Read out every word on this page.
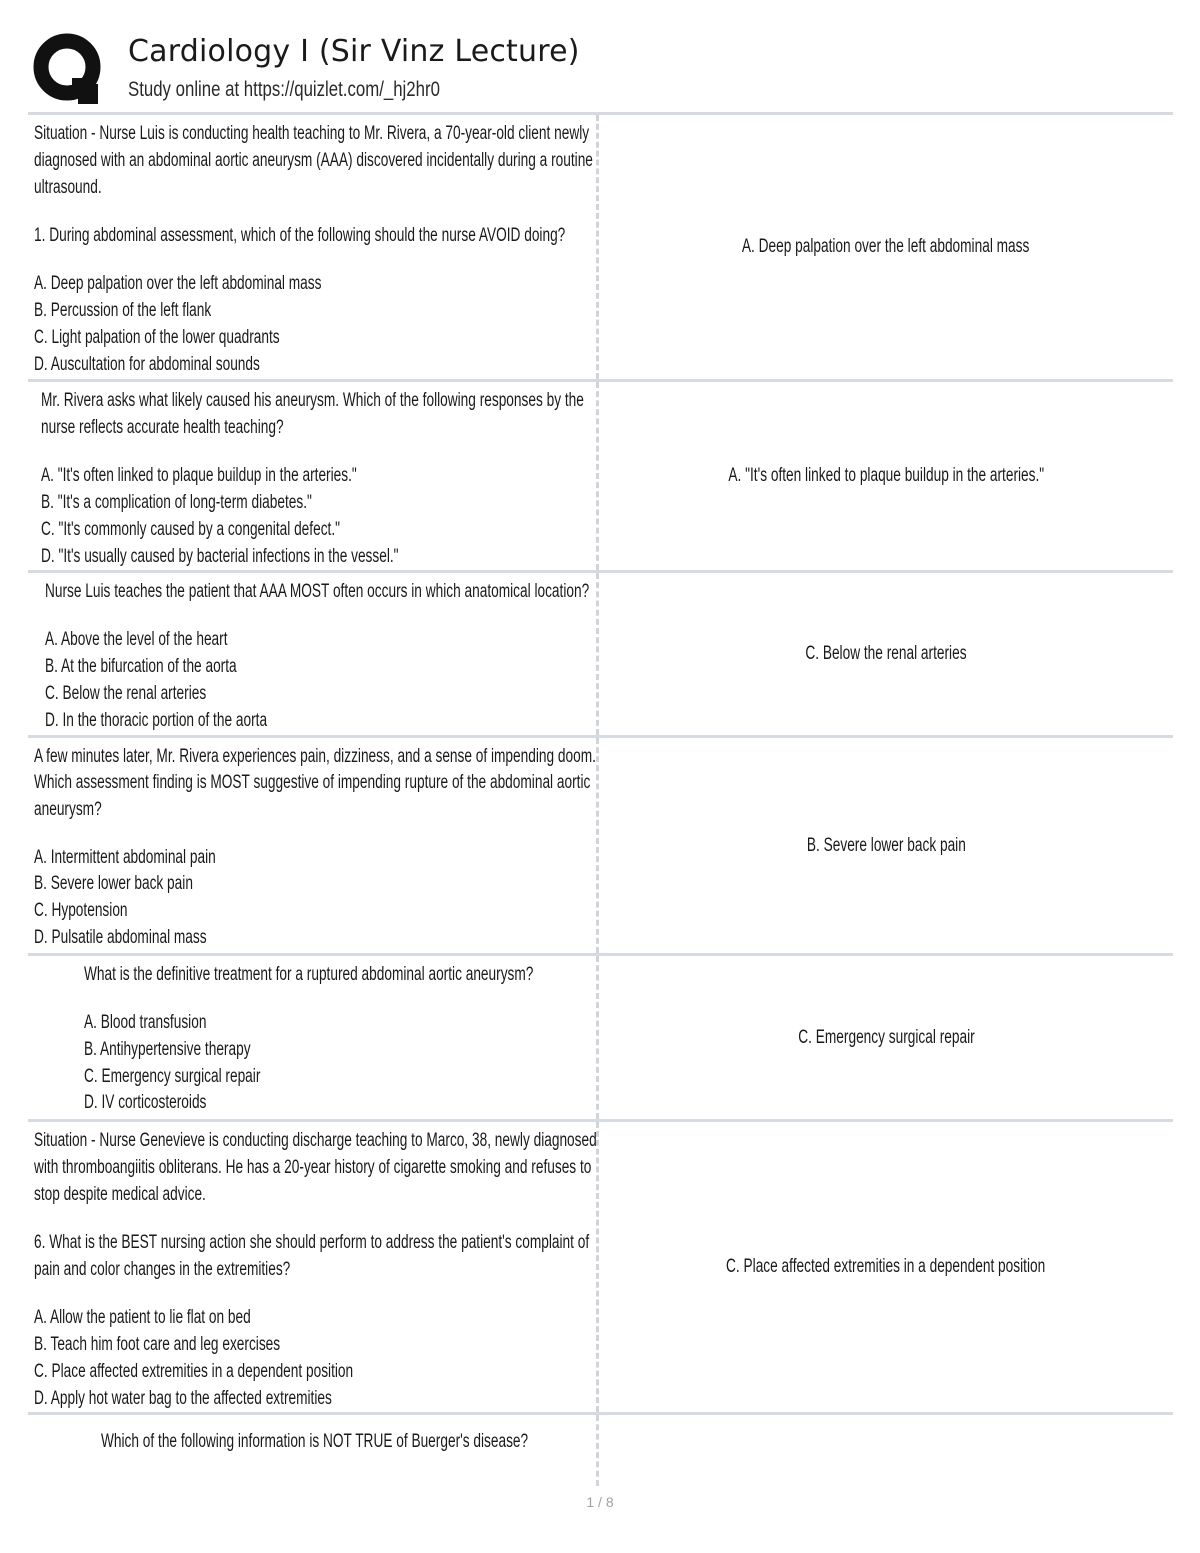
Cardiology I (Sir Vinz Lecture)
Study online at https://quizlet.com/_hj2hr0
Situation - Nurse Luis is conducting health teaching to Mr. Rivera, a 70-year-old client newly
diagnosed with an abdominal aortic aneurysm (AAA) discovered incidentally during a routine
ultrasound.
1. During abdominal assessment, which of the following should the nurse AVOID doing?
A. Deep palpation over the left abdominal mass
B. Percussion of the left flank
C. Light palpation of the lower quadrants
D. Auscultation for abdominal sounds
A. Deep palpation over the left abdominal mass
Mr. Rivera asks what likely caused his aneurysm. Which of the following responses by the
nurse reflects accurate health teaching?
A. "It's often linked to plaque buildup in the arteries."
B. "It's a complication of long-term diabetes."
C. "It's commonly caused by a congenital defect."
D. "It's usually caused by bacterial infections in the vessel."
A. "It's often linked to plaque buildup in the arteries."
Nurse Luis teaches the patient that AAA MOST often occurs in which anatomical location?
A. Above the level of the heart
B. At the bifurcation of the aorta
C. Below the renal arteries
D. In the thoracic portion of the aorta
C. Below the renal arteries
A few minutes later, Mr. Rivera experiences pain, dizziness, and a sense of impending doom.
Which assessment finding is MOST suggestive of impending rupture of the abdominal aortic
aneurysm?
A. Intermittent abdominal pain
B. Severe lower back pain
C. Hypotension
D. Pulsatile abdominal mass
B. Severe lower back pain
What is the definitive treatment for a ruptured abdominal aortic aneurysm?
A. Blood transfusion
B. Antihypertensive therapy
C. Emergency surgical repair
D. IV corticosteroids
C. Emergency surgical repair
Situation - Nurse Genevieve is conducting discharge teaching to Marco, 38, newly diagnosed
with thromboangiitis obliterans. He has a 20-year history of cigarette smoking and refuses to
stop despite medical advice.
6. What is the BEST nursing action she should perform to address the patient's complaint of
pain and color changes in the extremities?
A. Allow the patient to lie flat on bed
B. Teach him foot care and leg exercises
C. Place affected extremities in a dependent position
D. Apply hot water bag to the affected extremities
C. Place affected extremities in a dependent position
Which of the following information is NOT TRUE of Buerger's disease?
1 / 8
